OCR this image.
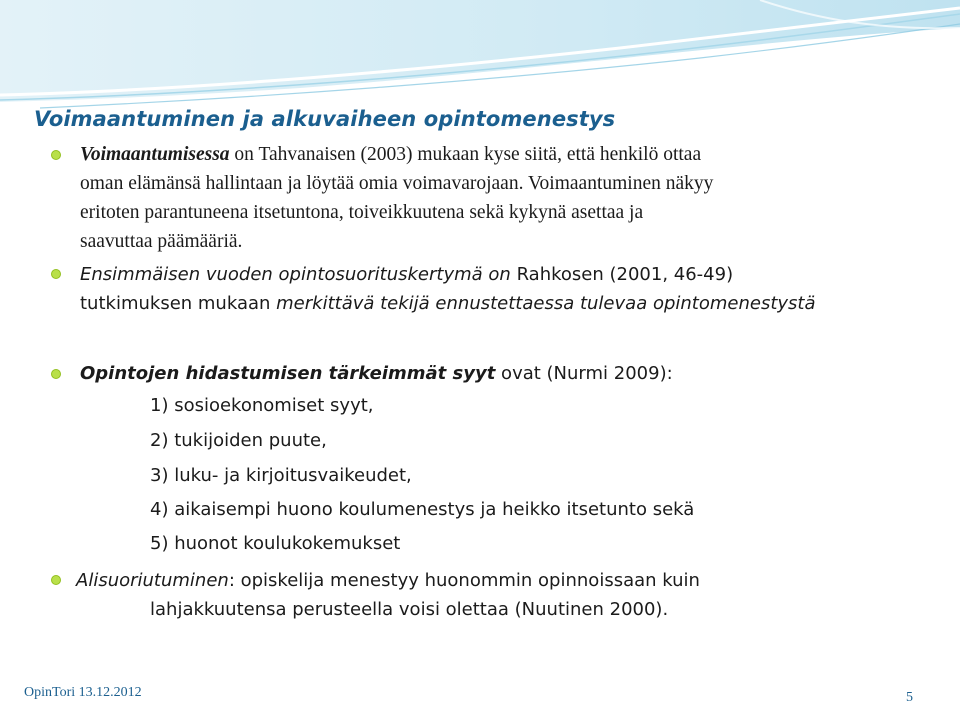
Voimaantuminen ja alkuvaiheen opintomenestys
Voimaantumisessa on Tahvanaisen (2003) mukaan kyse siitä, että henkilö ottaa
oman elämänsä hallintaan ja löytää omia voimavarojaan. Voimaantuminen näkyy
eritoten parantuneena itsetuntona, toiveikkuutena sekä kykynä asettaa ja
saavuttaa päämääriä.
Ensimmäisen vuoden opintosuorituskertymä on Rahkosen (2001, 46-49)
tutkimuksen mukaan merkittävä tekijä ennustettaessa tulevaa opintomenestystä
Opintojen hidastumisen tärkeimmät syyt ovat (Nurmi 2009):
1) sosioekonomiset syyt,
2) tukijoiden puute,
3) luku- ja kirjoitusvaikeudet,
4) aikaisempi huono koulumenestys ja heikko itsetunto sekä
5) huonot koulukokemukset
Alisuoriutuminen: opiskelija menestyy huonommin opinnoissaan kuin
lahjakkuutensa perusteella voisi olettaa (Nuutinen 2000).
OpinTori 13.12.2012	5
